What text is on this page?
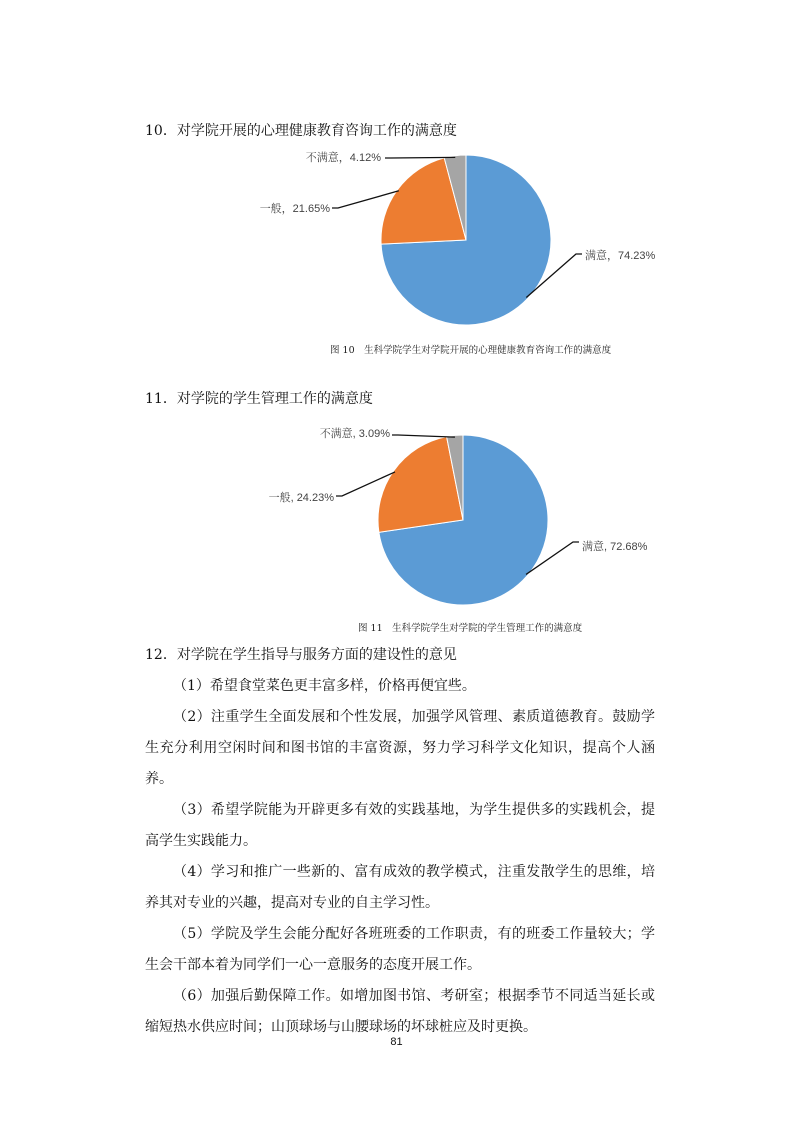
10．对学院开展的心理健康教育咨询工作的满意度
满意，74.23%
一般，21.65%
不满意，4.12%
图 10　生科学院学生对学院开展的心理健康教育咨询工作的满意度
11．对学院的学生管理工作的满意度
满意, 72.68%
一般, 24.23%
不满意, 3.09%
图 11　生科学院学生对学院的学生管理工作的满意度

12．对学院在学生指导与服务方面的建设性的意见

（1）希望食堂菜色更丰富多样，价格再便宜些。

（2）注重学生全面发展和个性发展，加强学风管理、素质道德教育。鼓励学生充分利用空闲时间和图书馆的丰富资源，努力学习科学文化知识，提高个人涵养。

（3）希望学院能为开辟更多有效的实践基地，为学生提供多的实践机会，提高学生实践能力。

（4）学习和推广一些新的、富有成效的教学模式，注重发散学生的思维，培养其对专业的兴趣，提高对专业的自主学习性。

（5）学院及学生会能分配好各班班委的工作职责，有的班委工作量较大；学生会干部本着为同学们一心一意服务的态度开展工作。

（6）加强后勤保障工作。如增加图书馆、考研室；根据季节不同适当延长或缩短热水供应时间；山顶球场与山腰球场的坏球桩应及时更换。

81
